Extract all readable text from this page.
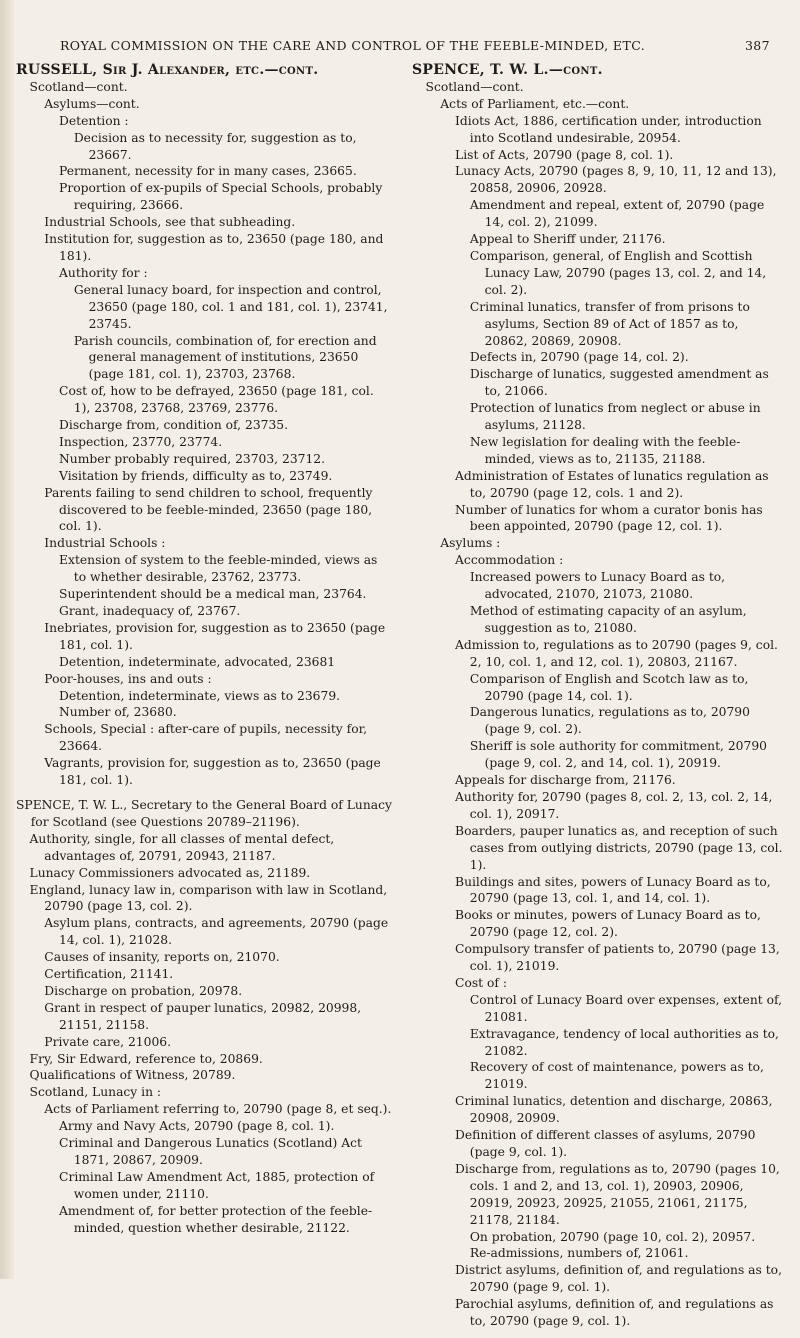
ROYAL COMMISSION ON THE CARE AND CONTROL OF THE FEEBLE-MINDED, ETC.	387
RUSSELL, Sir J. Alexander, etc.—cont.
Scotland—cont.
Asylums—cont.
Detention :
Decision as to necessity for, suggestion as to, 23667.
Permanent, necessity for in many cases, 23665.
Proportion of ex-pupils of Special Schools, probably requiring, 23666.
Industrial Schools, see that subheading.
Institution for, suggestion as to, 23650 (page 180, and 181).
Authority for :
General lunacy board, for inspection and control, 23650 (page 180, col. 1 and 181, col. 1), 23741, 23745.
Parish councils, combination of, for erection and general management of institutions, 23650 (page 181, col. 1), 23703, 23768.
Cost of, how to be defrayed, 23650 (page 181, col. 1), 23708, 23768, 23769, 23776.
Discharge from, condition of, 23735.
Inspection, 23770, 23774.
Number probably required, 23703, 23712.
Visitation by friends, difficulty as to, 23749.
Parents failing to send children to school, frequently discovered to be feeble-minded, 23650 (page 180, col. 1).
Industrial Schools :
Extension of system to the feeble-minded, views as to whether desirable, 23762, 23773.
Superintendent should be a medical man, 23764.
Grant, inadequacy of, 23767.
Inebriates, provision for, suggestion as to 23650 (page 181, col. 1).
Detention, indeterminate, advocated, 23681
Poor-houses, ins and outs :
Detention, indeterminate, views as to 23679.
Number of, 23680.
Schools, Special : after-care of pupils, necessity for, 23664.
Vagrants, provision for, suggestion as to, 23650 (page 181, col. 1).
SPENCE, T. W. L., Secretary to the General Board of Lunacy for Scotland (see Questions 20789–21196).
Authority, single, for all classes of mental defect, advantages of, 20791, 20943, 21187.
Lunacy Commissioners advocated as, 21189.
England, lunacy law in, comparison with law in Scotland, 20790 (page 13, col. 2).
Asylum plans, contracts, and agreements, 20790 (page 14, col. 1), 21028.
Causes of insanity, reports on, 21070.
Certification, 21141.
Discharge on probation, 20978.
Grant in respect of pauper lunatics, 20982, 20998, 21151, 21158.
Private care, 21006.
Fry, Sir Edward, reference to, 20869.
Qualifications of Witness, 20789.
Scotland, Lunacy in :
Acts of Parliament referring to, 20790 (page 8, et seq.).
Army and Navy Acts, 20790 (page 8, col. 1).
Criminal and Dangerous Lunatics (Scotland) Act 1871, 20867, 20909.
Criminal Law Amendment Act, 1885, protection of women under, 21110.
Amendment of, for better protection of the feeble-minded, question whether desirable, 21122.
SPENCE, T. W. L.—cont.
Scotland—cont.
Acts of Parliament, etc.—cont.
Idiots Act, 1886, certification under, introduction into Scotland undesirable, 20954.
List of Acts, 20790 (page 8, col. 1).
Lunacy Acts, 20790 (pages 8, 9, 10, 11, 12 and 13), 20858, 20906, 20928.
Amendment and repeal, extent of, 20790 (page 14, col. 2), 21099.
Appeal to Sheriff under, 21176.
Comparison, general, of English and Scottish Lunacy Law, 20790 (pages 13, col. 2, and 14, col. 2).
Criminal lunatics, transfer of from prisons to asylums, Section 89 of Act of 1857 as to, 20862, 20869, 20908.
Defects in, 20790 (page 14, col. 2).
Discharge of lunatics, suggested amendment as to, 21066.
Protection of lunatics from neglect or abuse in asylums, 21128.
New legislation for dealing with the feeble-minded, views as to, 21135, 21188.
Administration of Estates of lunatics regulation as to, 20790 (page 12, cols. 1 and 2).
Number of lunatics for whom a curator bonis has been appointed, 20790 (page 12, col. 1).
Asylums :
Accommodation :
Increased powers to Lunacy Board as to, advocated, 21070, 21073, 21080.
Method of estimating capacity of an asylum, suggestion as to, 21080.
Admission to, regulations as to 20790 (pages 9, col. 2, 10, col. 1, and 12, col. 1), 20803, 21167.
Comparison of English and Scotch law as to, 20790 (page 14, col. 1).
Dangerous lunatics, regulations as to, 20790 (page 9, col. 2).
Sheriff is sole authority for commitment, 20790 (page 9, col. 2, and 14, col. 1), 20919.
Appeals for discharge from, 21176.
Authority for, 20790 (pages 8, col. 2, 13, col. 2, 14, col. 1), 20917.
Boarders, pauper lunatics as, and reception of such cases from outlying districts, 20790 (page 13, col. 1).
Buildings and sites, powers of Lunacy Board as to, 20790 (page 13, col. 1, and 14, col. 1).
Books or minutes, powers of Lunacy Board as to, 20790 (page 12, col. 2).
Compulsory transfer of patients to, 20790 (page 13, col. 1), 21019.
Cost of :
Control of Lunacy Board over expenses, extent of, 21081.
Extravagance, tendency of local authorities as to, 21082.
Recovery of cost of maintenance, powers as to, 21019.
Criminal lunatics, detention and discharge, 20863, 20908, 20909.
Definition of different classes of asylums, 20790 (page 9, col. 1).
Discharge from, regulations as to, 20790 (pages 10, cols. 1 and 2, and 13, col. 1), 20903, 20906, 20919, 20923, 20925, 21055, 21061, 21175, 21178, 21184.
On probation, 20790 (page 10, col. 2), 20957.
Re-admissions, numbers of, 21061.
District asylums, definition of, and regulations as to, 20790 (page 9, col. 1).
Parochial asylums, definition of, and regulations as to, 20790 (page 9, col. 1).
